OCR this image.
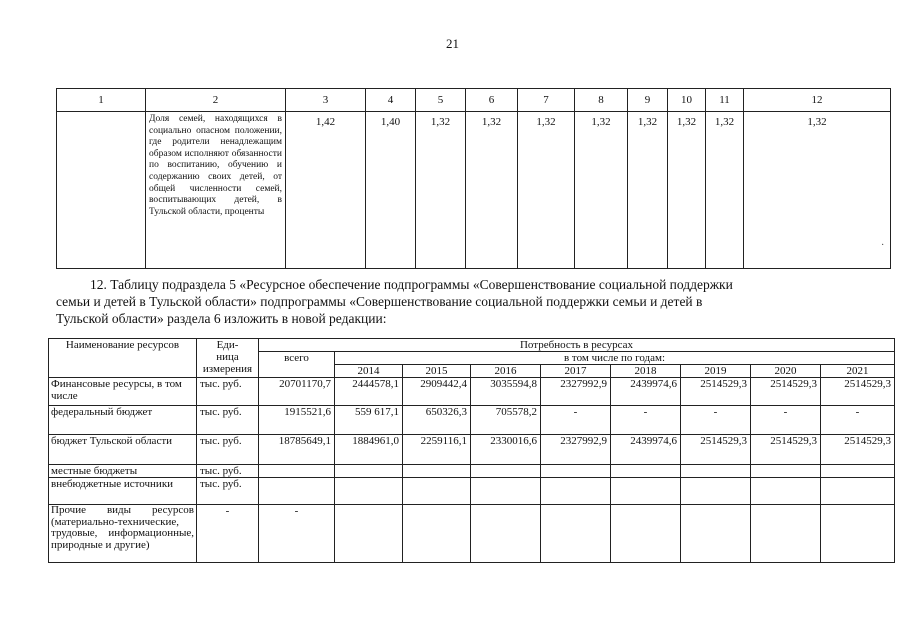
21
1	2	3	4	5	6	7	8	9	10	11	12
	Доля семей, находящихся в социально опасном положении, где родители ненадлежащим образом исполняют обязанности по воспитанию, обучению и содержанию своих детей, от общей численности семей, воспитывающих детей, в Тульской области, проценты	1,42	1,40	1,32	1,32	1,32	1,32	1,32	1,32	1,32	1,32
12. Таблицу подраздела 5 «Ресурсное обеспечение подпрограммы «Совершенствование социальной поддержки
семьи и детей в Тульской области» подпрограммы «Совершенствование социальной поддержки семьи и детей в
Тульской области» раздела 6 изложить в новой редакции:
Наименование ресурсов	Еди-
ница
измерения	Потребность в ресурсах								
		всего	в том числе по годам:							
			2014	2015	2016	2017	2018	2019	2020	2021
Финансовые ресурсы, в том числе	тыс. руб.	20701170,7	2444578,1	2909442,4	3035594,8	2327992,9	2439974,6	2514529,3	2514529,3	2514529,3
федеральный бюджет	тыс. руб.	1915521,6	559 617,1	650326,3	705578,2	-	-	-	-	-
бюджет Тульской области	тыс. руб.	18785649,1	1884961,0	2259116,1	2330016,6	2327992,9	2439974,6	2514529,3	2514529,3	2514529,3
местные бюджеты	тыс. руб.									
внебюджетные источники	тыс. руб.									
Прочие виды ресурсов (материально-технические, трудовые, информационные, природные и другие)	-	-								
·
